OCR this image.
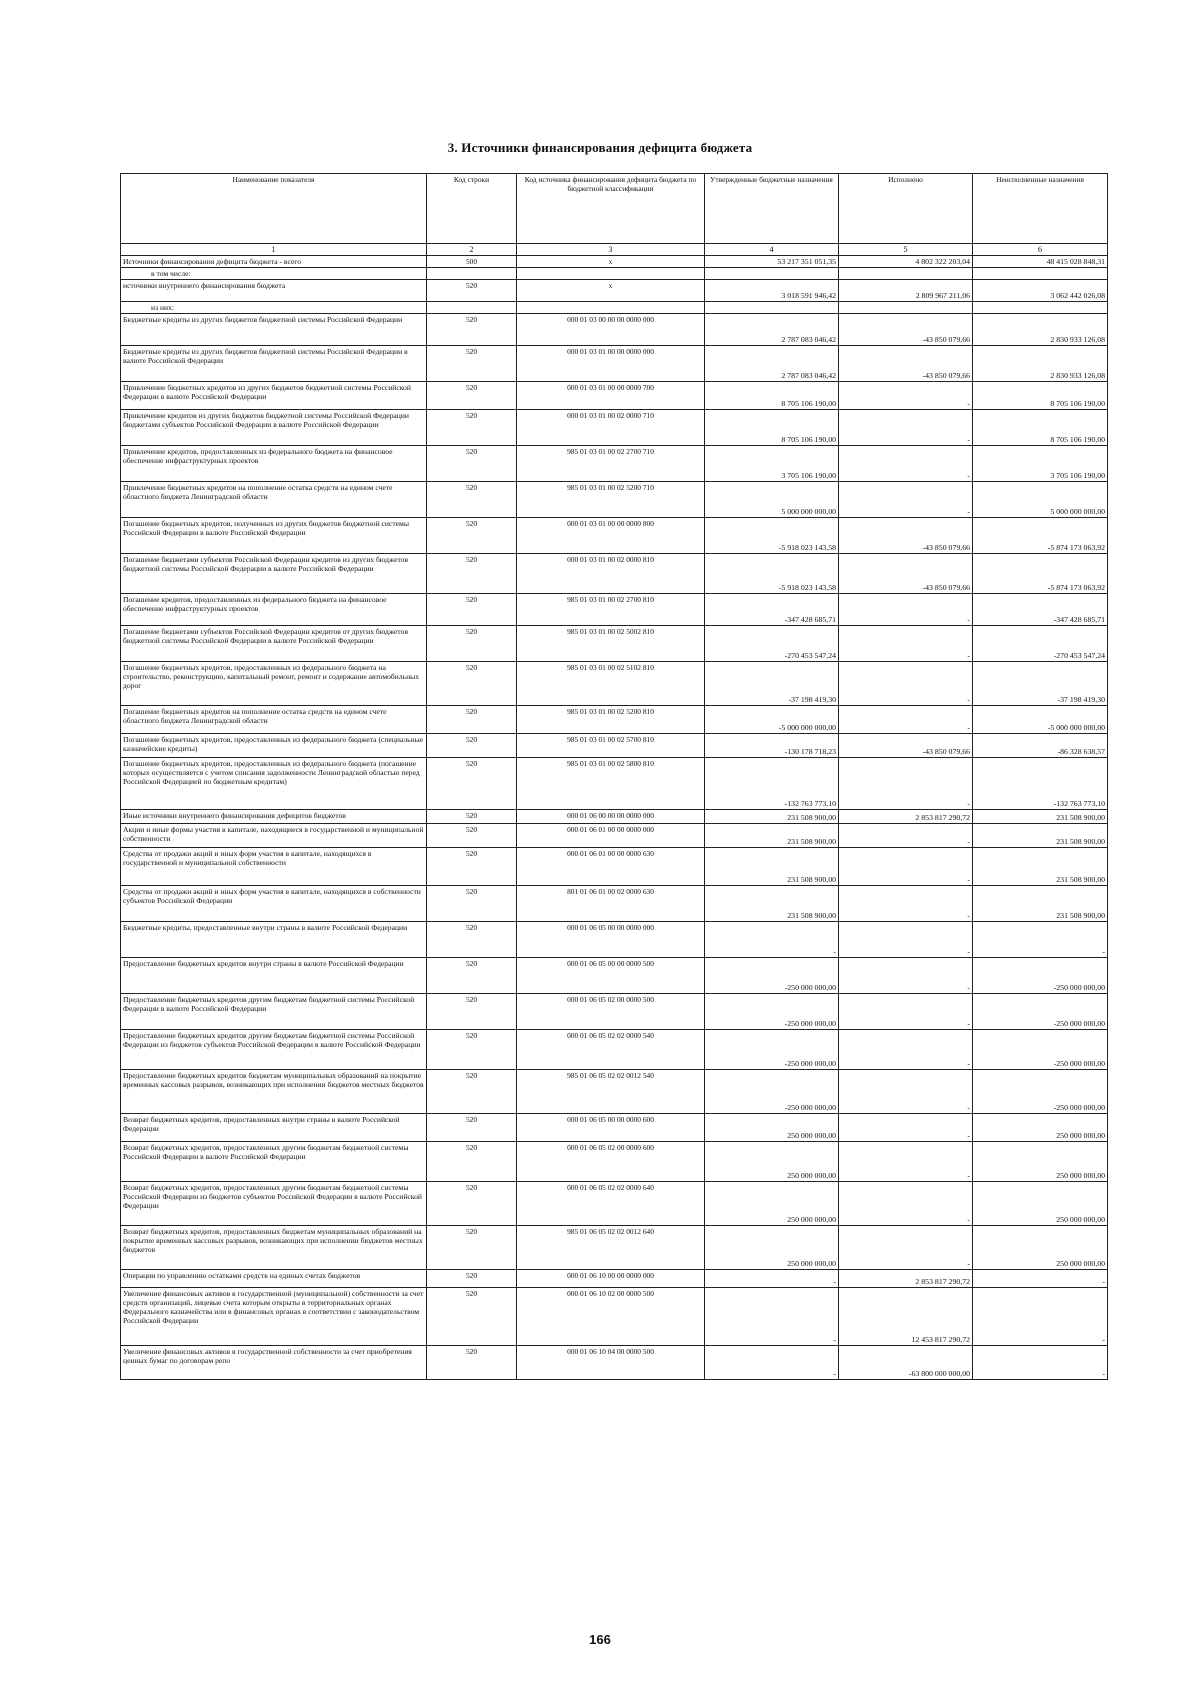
3. Источники финансирования дефицита бюджета
Наименование показателя	Код строки	Код источника финансирования дефицита бюджета по бюджетной классификации	Утвержденные бюджетные назначения	Исполнено	Неисполненные назначения
1	2	3	4	5	6
Источники финансирования дефицита бюджета - всего	500	x	53 217 351 051,35	4 802 322 203,04	48 415 028 848,31
в том числе:					
источники внутреннего финансирования бюджета	520	x	3 018 591 946,42	2 809 967 211,06	3 062 442 026,08
из них:					
Бюджетные кредиты из других бюджетов бюджетной системы Российской Федерации	520	000 01 03 00 00 00 0000 000	2 787 083 046,42	-43 850 079,66	2 830 933 126,08
Бюджетные кредиты из других бюджетов бюджетной системы Российской Федерации в валюте Российской Федерации	520	000 01 03 01 00 00 0000 000	2 787 083 046,42	-43 850 079,66	2 830 933 126,08
Привлечение бюджетных кредитов из других бюджетов бюджетной системы Российской Федерации в валюте Российской Федерации	520	000 01 03 01 00 00 0000 700	8 705 106 190,00	-	8 705 106 190,00
Привлечение кредитов из других бюджетов бюджетной системы Российской Федерации бюджетами субъектов Российской Федерации в валюте Российской Федерации	520	000 01 03 01 00 02 0000 710	8 705 106 190,00	-	8 705 106 190,00
Привлечение кредитов, предоставленных из федерального бюджета на финансовое обеспечение инфраструктурных проектов	520	985 01 03 01 00 02 2700 710	3 705 106 190,00	-	3 705 106 190,00
Привлечение бюджетных кредитов на пополнение остатка средств на едином счете областного бюджета Ленинградской области	520	985 01 03 01 00 02 5200 710	5 000 000 000,00	-	5 000 000 000,00
Погашение бюджетных кредитов, полученных из других бюджетов бюджетной системы Российской Федерации в валюте Российской Федерации	520	000 01 03 01 00 00 0000 800	-5 918 023 143,58	-43 850 079,66	-5 874 173 063,92
Погашение бюджетами субъектов Российской Федерации кредитов из других бюджетов бюджетной системы Российской Федерации в валюте Российской Федерации	520	000 01 03 01 00 02 0000 810	-5 918 023 143,58	-43 850 079,66	-5 874 173 063,92
Погашение кредитов, предоставленных из федерального бюджета на финансовое обеспечение инфраструктурных проектов	520	985 01 03 01 00 02 2700 810	-347 428 685,71	-	-347 428 685,71
Погашение бюджетами субъектов Российской Федерации кредитов от других бюджетов бюджетной системы Российской Федерации в валюте Российской Федерации	520	985 01 03 01 00 02 5002 810	-270 453 547,24	-	-270 453 547,24
Погашение бюджетных кредитов, предоставленных из федерального бюджета на строительство, реконструкцию, капитальный ремонт, ремонт и содержание автомобильных дорог	520	985 01 03 01 00 02 5102 810	-37 198 419,30	-	-37 198 419,30
Погашение бюджетных кредитов на пополнение остатка средств на едином счете областного бюджета Ленинградской области	520	985 01 03 01 00 02 5200 810	-5 000 000 000,00	-	-5 000 000 000,00
Погашение бюджетных кредитов, предоставленных из федерального бюджета (специальные казначейские кредиты)	520	985 01 03 01 00 02 5700 810	-130 178 718,23	-43 850 079,66	-86 328 638,57
Погашение бюджетных кредитов, предоставленных из федерального бюджета (погашение которых осуществляется с учетом списания задолженности Ленинградской областью перед Российской Федерацией по бюджетным кредитам)	520	985 01 03 01 00 02 5800 810	-132 763 773,10	-	-132 763 773,10
Иные источники внутреннего финансирования дефицитов бюджетов	520	000 01 06 00 00 00 0000 000	231 508 900,00	2 853 817 290,72	231 508 900,00
Акции и иные формы участия в капитале, находящиеся в государственной и муниципальной собственности	520	000 01 06 01 00 00 0000 000	231 508 900,00	-	231 508 900,00
Средства от продажи акций и иных форм участия в капитале, находящихся в государственной и муниципальной собственности	520	000 01 06 01 00 00 0000 630	231 508 900,00	-	231 508 900,00
Средства от продажи акций и иных форм участия в капитале, находящихся в собственности субъектов Российской Федерации	520	801 01 06 01 00 02 0000 630	231 508 900,00	-	231 508 900,00
Бюджетные кредиты, предоставленные внутри страны в валюте Российской Федерации	520	000 01 06 05 00 00 0000 000	-	-	-
Предоставление бюджетных кредитов внутри страны в валюте Российской Федерации	520	000 01 06 05 00 00 0000 500	-250 000 000,00	-	-250 000 000,00
Предоставление бюджетных кредитов другим бюджетам бюджетной системы Российской Федерации в валюте Российской Федерации	520	000 01 06 05 02 00 0000 500	-250 000 000,00	-	-250 000 000,00
Предоставление бюджетных кредитов другим бюджетам бюджетной системы Российской Федерации из бюджетов субъектов Российской Федерации в валюте Российской Федерации	520	000 01 06 05 02 02 0000 540	-250 000 000,00	-	-250 000 000,00
Предоставление бюджетных кредитов бюджетам муниципальных образований на покрытие временных кассовых разрывов, возникающих при исполнении бюджетов местных бюджетов	520	985 01 06 05 02 02 0012 540	-250 000 000,00	-	-250 000 000,00
Возврат бюджетных кредитов, предоставленных внутри страны в валюте Российской Федерации	520	000 01 06 05 00 00 0000 600	250 000 000,00	-	250 000 000,00
Возврат бюджетных кредитов, предоставленных другим бюджетам бюджетной системы Российской Федерации в валюте Российской Федерации	520	000 01 06 05 02 00 0000 600	250 000 000,00	-	250 000 000,00
Возврат бюджетных кредитов, предоставленных другим бюджетам бюджетной системы Российской Федерации из бюджетов субъектов Российской Федерации в валюте Российской Федерации	520	000 01 06 05 02 02 0000 640	250 000 000,00	-	250 000 000,00
Возврат бюджетных кредитов, предоставленных бюджетам муниципальных образований на покрытие временных кассовых разрывов, возникающих при исполнении бюджетов местных бюджетов	520	985 01 06 05 02 02 0012 640	250 000 000,00	-	250 000 000,00
Операции по управлению остатками средств на единых счетах бюджетов	520	000 01 06 10 00 00 0000 000	-	2 853 817 290,72	-
Увеличение финансовых активов в государственной (муниципальной) собственности за счет средств организаций, лицевые счета которым открыты в территориальных органах Федерального казначейства или в финансовых органах в соответствии с законодательством Российской Федерации	520	000 01 06 10 02 00 0000 500	-	12 453 817 290,72	-
Увеличение финансовых активов в государственной собственности за счет приобретения ценных бумаг по договорам репо	520	000 01 06 10 04 00 0000 500	-	-63 800 000 000,00	-
166
